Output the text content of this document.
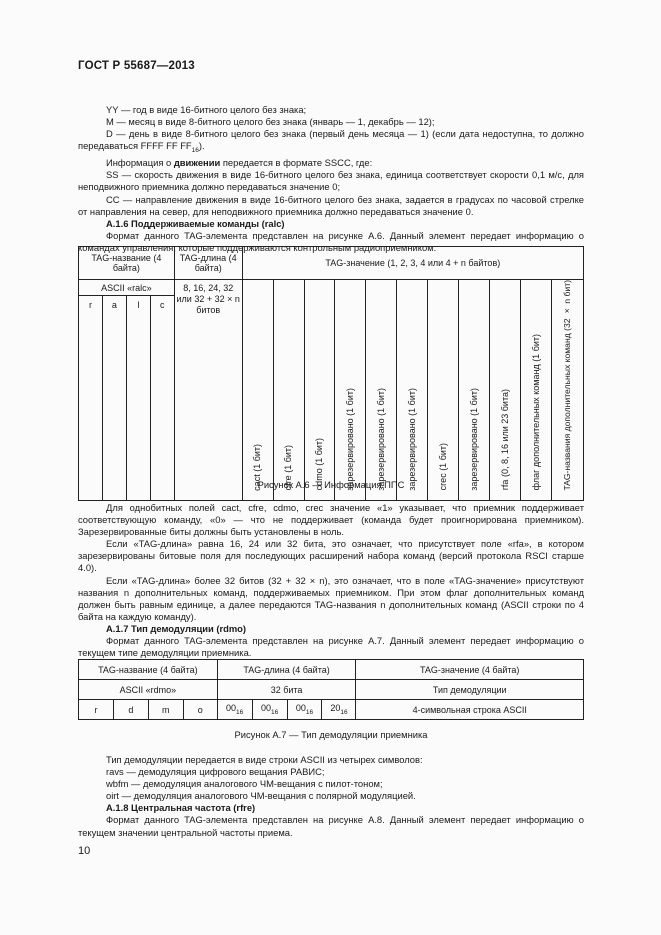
ГОСТ Р 55687—2013

YY — год в виде 16-битного целого без знака;

M — месяц в виде 8-битного целого без знака (январь — 1, декабрь — 12);

D — день в виде 8-битного целого без знака (первый день месяца — 1) (если дата недоступна, то должно передаваться FFFF FF $FF_{16}$).

Информация о движении передается в формате SSCC, где:

SS — скорость движения в виде 16-битного целого без знака, единица соответствует скорости 0,1 м/с, для неподвижного приемника должно передаваться значение 0;

CC — направление движения в виде 16-битного целого без знака, задается в градусах по часовой стрелке от направления на север, для неподвижного приемника должно передаваться значение 0.

А.1.6 Поддерживаемые команды (ralc)

Формат данного TAG-элемента представлен на рисунке А.6. Данный элемент передает информацию о командах управления, которые поддерживаются контрольным радиоприемником.

TAG-название (4 байта)				TAG-длина (4 байта)	TAG-значение (1, 2, 3, 4 или 4 + n байтов)										
ASCII «ralc»				8, 16, 24, 32 или 32 + 32 × n битов	cact (1 бит)	cfre (1 бит)	cdmo (1 бит)	зарезервировано (1 бит)	зарезервировано (1 бит)	зарезервировано (1 бит)	crec (1 бит)	зарезервировано (1 бит)	rfa (0, 8, 16 или 23 бита)	флаг дополнительных команд (1 бит)	TAG-названия дополнительных команд (32 × n бит)
r	a	l	c												
Рисунок А.6 — Информация ППС

Для однобитных полей cact, cfre, cdmo, crec значение «1» указывает, что приемник поддерживает соответствующую команду, «0» — что не поддерживает (команда будет проигнорирована приемником). Зарезервированные биты должны быть установлены в ноль.

Если «TAG-длина» равна 16, 24 или 32 бита, это означает, что присутствует поле «rfa», в котором зарезервированы битовые поля для последующих расширений набора команд (версий протокола RSCI старше 4.0).

Если «TAG-длина» более 32 битов (32 + 32 × n), это означает, что в поле «TAG-значение» присутствуют названия n дополнительных команд, поддерживаемых приемником. При этом флаг дополнительных команд должен быть равным единице, а далее передаются TAG-названия n дополнительных команд (ASCII строки по 4 байта на каждую команду).

А.1.7 Тип демодуляции (rdmo)

Формат данного TAG-элемента представлен на рисунке А.7. Данный элемент передает информацию о текущем типе демодуляции приемника.

TAG-название (4 байта)				TAG-длина (4 байта)				TAG-значение (4 байта)
ASCII «rdmo»				32 бита				Тип демодуляции
r	d	m	o	$00_{16}$	$00_{16}$	$00_{16}$	$20_{16}$	4-символьная строка ASCII
Рисунок А.7 — Тип демодуляции приемника

Тип демодуляции передается в виде строки ASCII из четырех символов:

ravs — демодуляция цифрового вещания РАВИС;

wbfm — демодуляция аналогового ЧМ-вещания с пилот-тоном;

oirt — демодуляция аналогового ЧМ-вещания с полярной модуляцией.

А.1.8 Центральная частота (rfre)

Формат данного TAG-элемента представлен на рисунке А.8. Данный элемент передает информацию о текущем значении центральной частоты приема.

10
